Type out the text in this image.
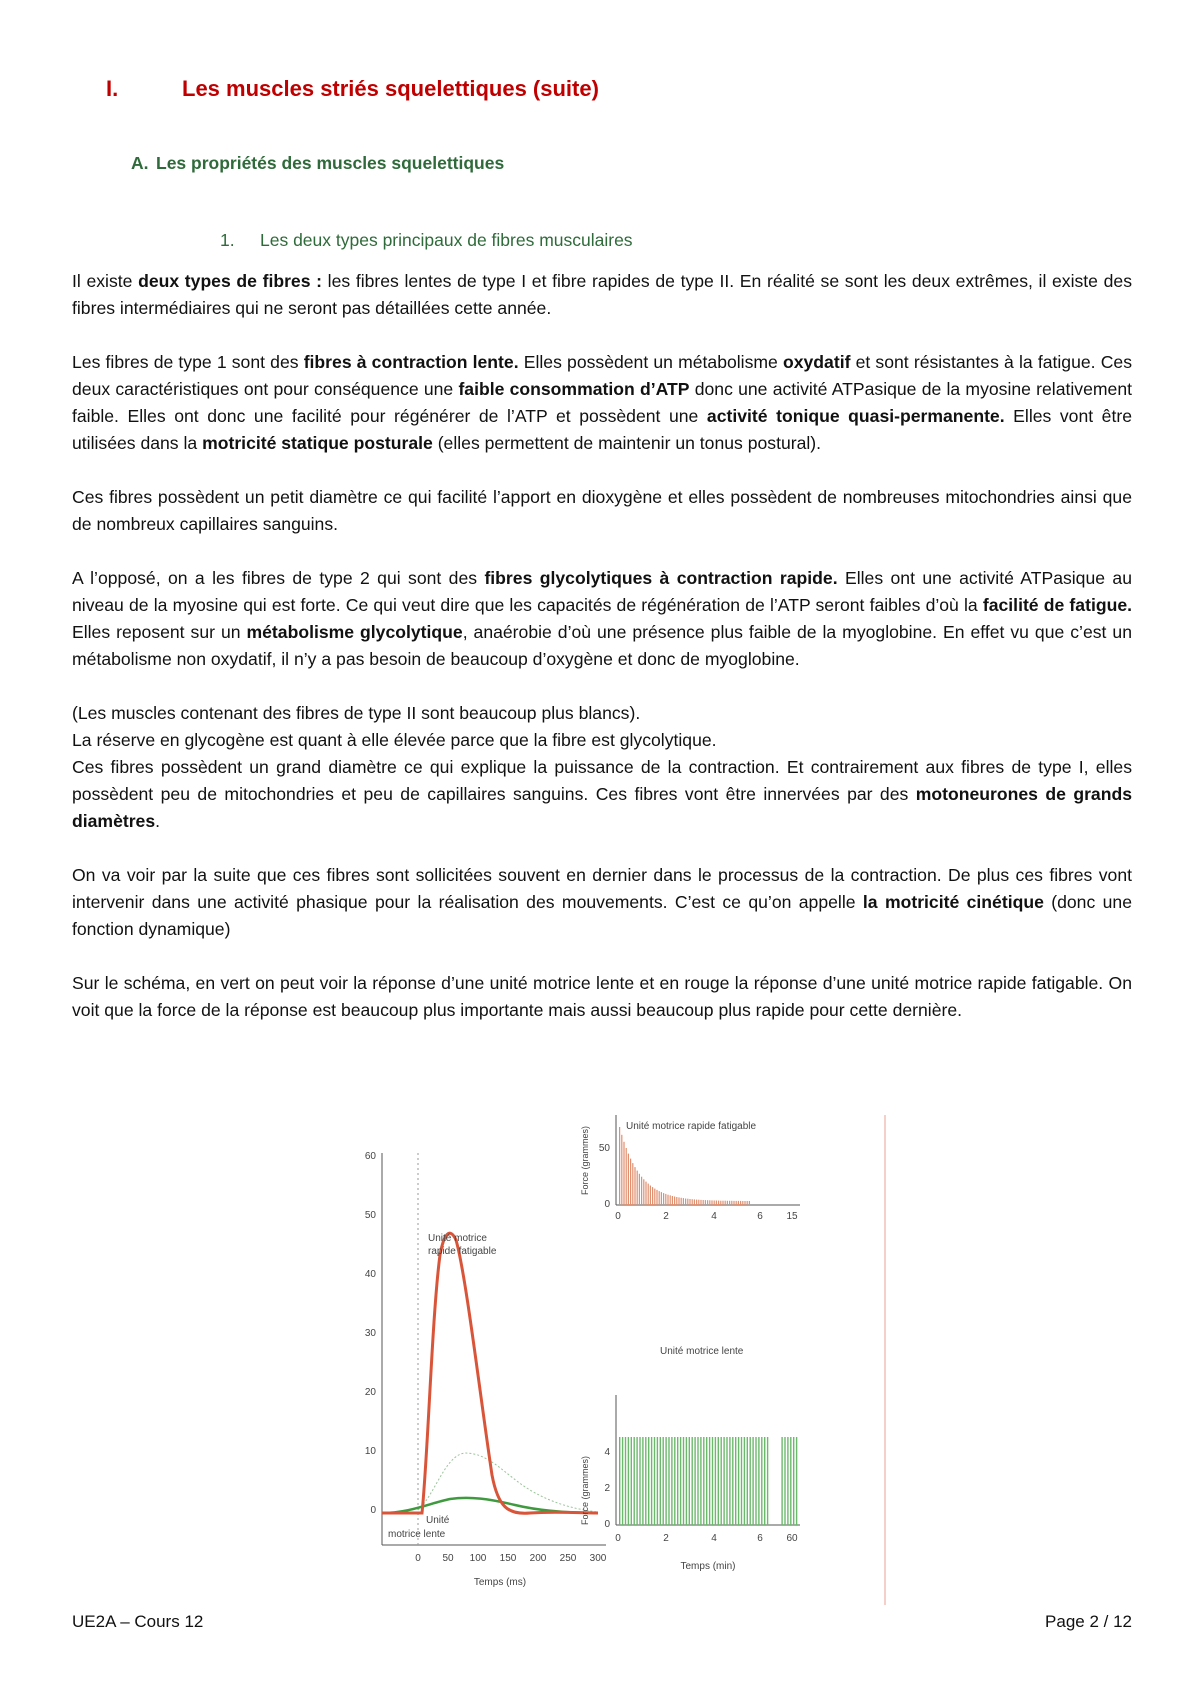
I.	Les muscles striés squelettiques (suite)
A. Les propriétés des muscles squelettiques
1.	Les deux types principaux de fibres musculaires

Il existe deux types de fibres : les fibres lentes de type I et fibre rapides de type II. En réalité se sont les deux extrêmes, il existe des fibres intermédiaires qui ne seront pas détaillées cette année.

Les fibres de type 1 sont des fibres à contraction lente. Elles possèdent un métabolisme oxydatif et sont résistantes à la fatigue. Ces deux caractéristiques ont pour conséquence une faible consommation d’ATP donc une activité ATPasique de la myosine relativement faible. Elles ont donc une facilité pour régénérer de l’ATP et possèdent une activité tonique quasi-permanente. Elles vont être utilisées dans la motricité statique posturale (elles permettent de maintenir un tonus postural).

Ces fibres possèdent un petit diamètre ce qui facilité l’apport en dioxygène et elles possèdent de nombreuses mitochondries ainsi que de nombreux capillaires sanguins.

A l’opposé, on a les fibres de type 2 qui sont des fibres glycolytiques à contraction rapide. Elles ont une activité ATPasique au niveau de la myosine qui est forte. Ce qui veut dire que les capacités de régénération de l’ATP seront faibles d’où la facilité de fatigue. Elles reposent sur un métabolisme glycolytique, anaérobie d’où une présence plus faible de la myoglobine. En effet vu que c’est un métabolisme non oxydatif, il n’y a pas besoin de beaucoup d’oxygène et donc de myoglobine.

(Les muscles contenant des fibres de type II sont beaucoup plus blancs).

La réserve en glycogène est quant à elle élevée parce que la fibre est glycolytique.

Ces fibres possèdent un grand diamètre ce qui explique la puissance de la contraction. Et contrairement aux fibres de type I, elles possèdent peu de mitochondries et peu de capillaires sanguins. Ces fibres vont être innervées par des motoneurones de grands diamètres.

On va voir par la suite que ces fibres sont sollicitées souvent en dernier dans le processus de la contraction. De plus ces fibres vont intervenir dans une activité phasique pour la réalisation des mouvements. C’est ce qu’on appelle la motricité cinétique (donc une fonction dynamique)

Sur le schéma, en vert on peut voir la réponse d’une unité motrice lente et en rouge la réponse d’une unité motrice rapide fatigable. On voit que la force de la réponse est beaucoup plus importante mais aussi beaucoup plus rapide pour cette dernière.

60
50
40
30
20
10
0
0 50 100 150 200 250 300
Temps (ms)
Unité motrice
Unité
motrice lente
rapide fatigable
Unité motrice rapide fatigable
Force (grammes) 50
0
0	2	4	6 15
Unité motrice lente
Force (grammes)
4
2
0
0	2	4	6 60
Temps (min)
UE2A – Cours 12	Page 2 / 12
